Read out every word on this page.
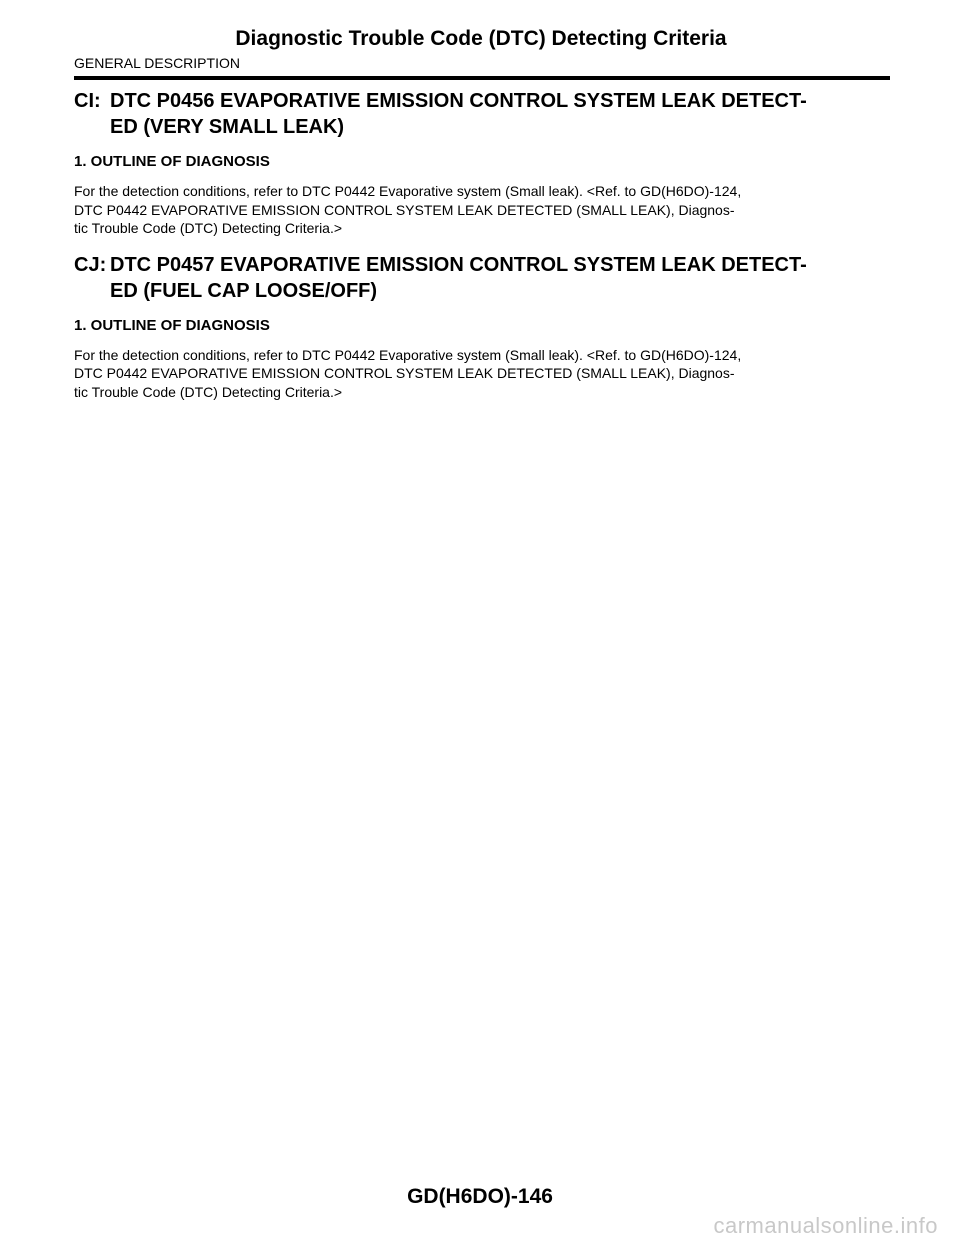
Diagnostic Trouble Code (DTC) Detecting Criteria
GENERAL DESCRIPTION
CI: DTC P0456 EVAPORATIVE EMISSION CONTROL SYSTEM LEAK DETECT-
ED (VERY SMALL LEAK)
1. OUTLINE OF DIAGNOSIS
For the detection conditions, refer to DTC P0442 Evaporative system (Small leak). <Ref. to GD(H6DO)-124,
DTC P0442 EVAPORATIVE EMISSION CONTROL SYSTEM LEAK DETECTED (SMALL LEAK), Diagnos-
tic Trouble Code (DTC) Detecting Criteria.>
CJ: DTC P0457 EVAPORATIVE EMISSION CONTROL SYSTEM LEAK DETECT-
ED (FUEL CAP LOOSE/OFF)
1. OUTLINE OF DIAGNOSIS
For the detection conditions, refer to DTC P0442 Evaporative system (Small leak). <Ref. to GD(H6DO)-124,
DTC P0442 EVAPORATIVE EMISSION CONTROL SYSTEM LEAK DETECTED (SMALL LEAK), Diagnos-
tic Trouble Code (DTC) Detecting Criteria.>
GD(H6DO)-146
carmanualsonline.info
